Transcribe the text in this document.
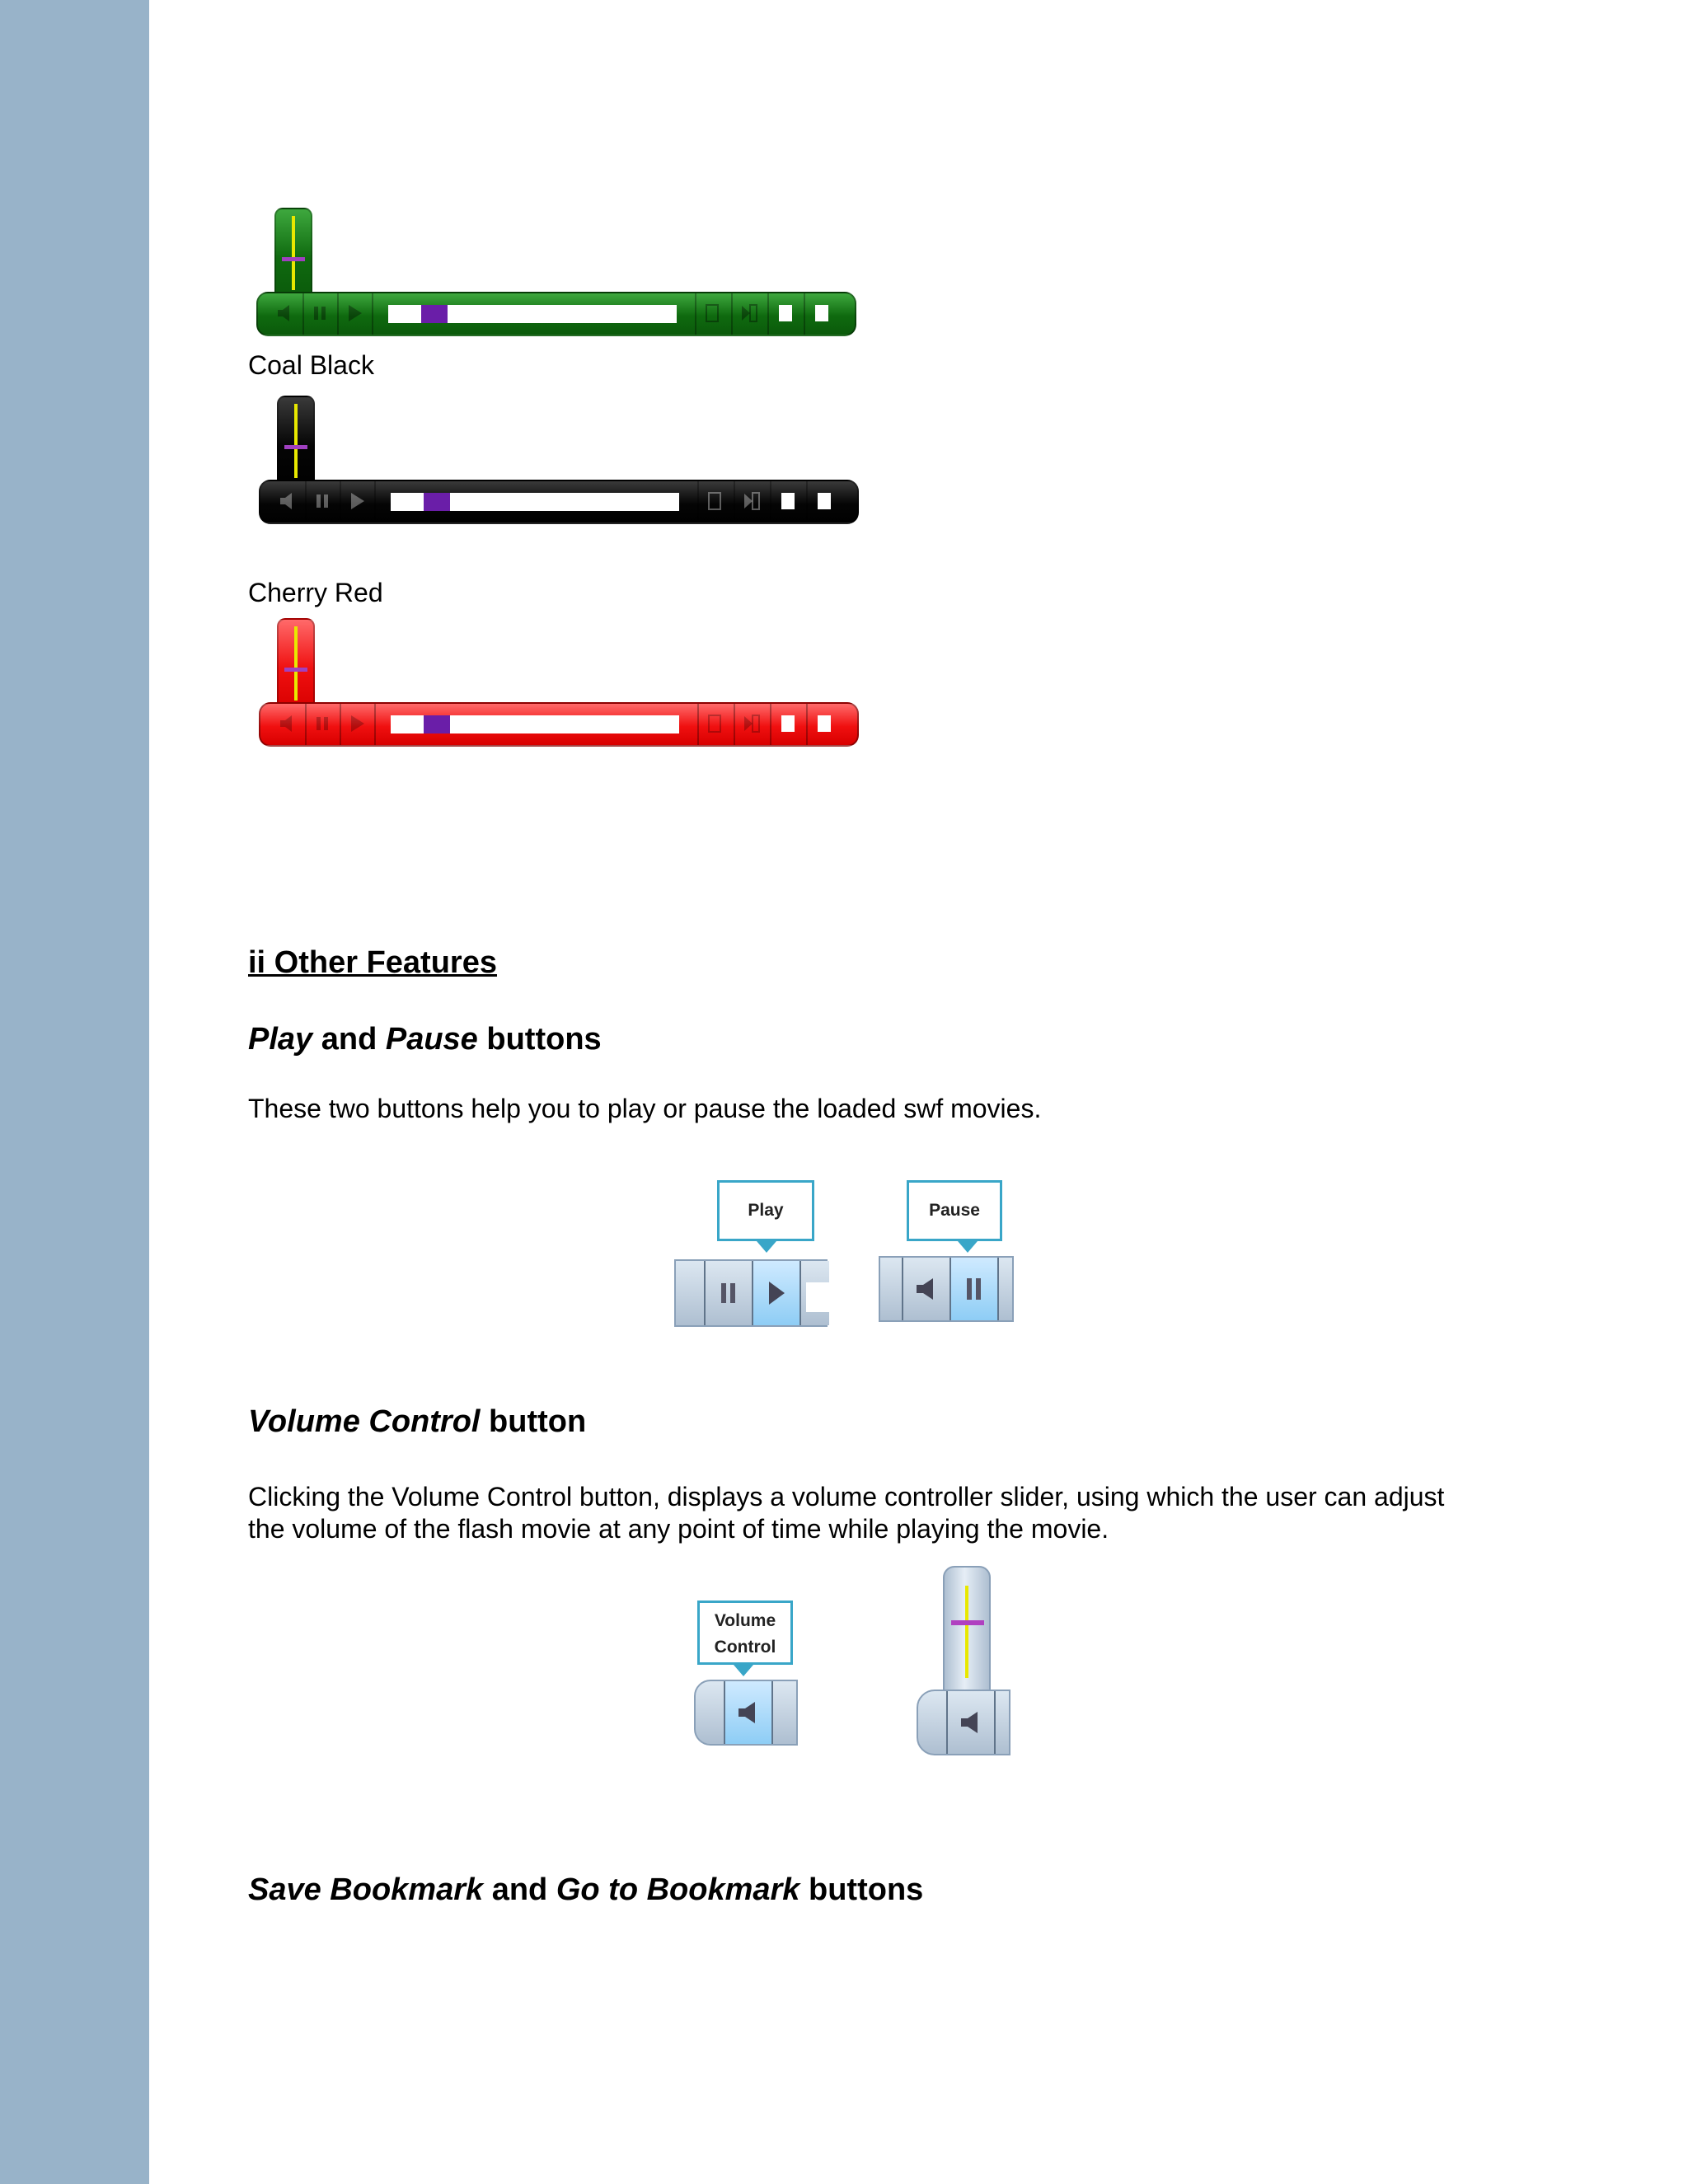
Coal Black
Cherry Red
ii Other Features
Play and Pause buttons
These two buttons help you to play or pause the loaded swf movies.
Play	Pause
Volume Control button
Clicking the Volume Control button, displays a volume controller slider, using which the user can adjust the volume of the flash movie at any point of time while playing the movie.
Volume
Control
Save Bookmark and Go to Bookmark buttons
